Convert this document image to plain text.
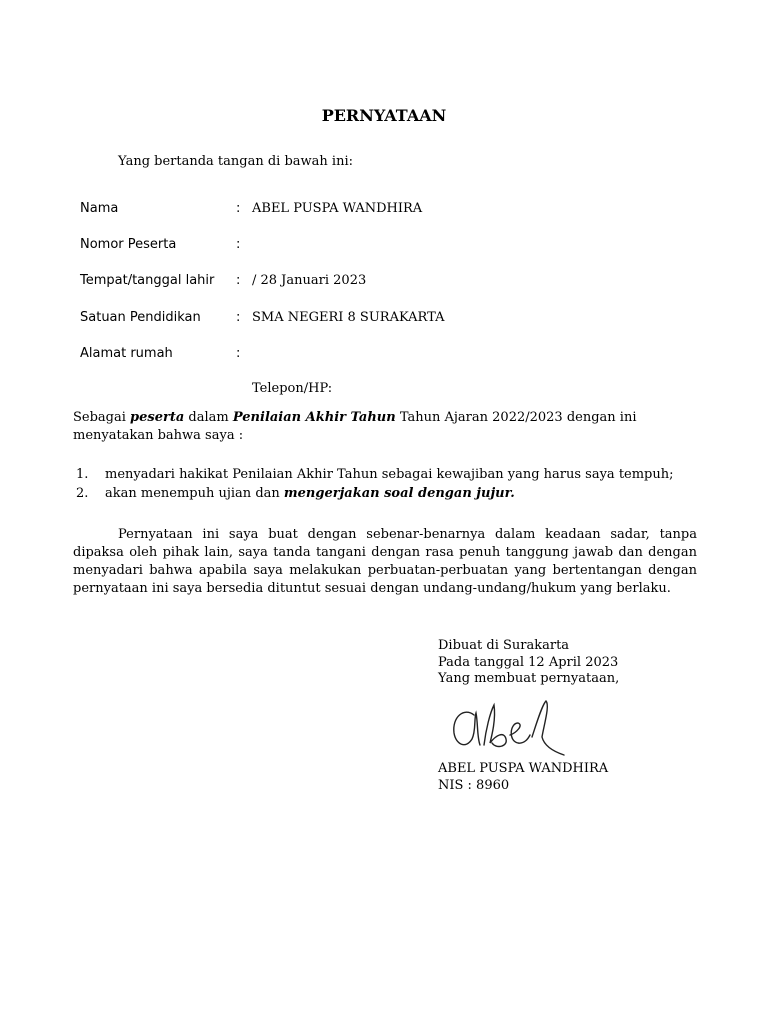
PERNYATAAN
Yang bertanda tangan di bawah ini:
Nama	: ABEL PUSPA WANDHIRA
Nomor Peserta	:
Tempat/tanggal lahir : / 28 Januari 2023
Satuan Pendidikan	: SMA NEGERI 8 SURAKARTA
Alamat rumah	:
Telepon/HP:
Sebagai peserta dalam Penilaian Akhir Tahun Tahun Ajaran 2022/2023 dengan ini menyatakan bahwa saya :
1. menyadari hakikat Penilaian Akhir Tahun sebagai kewajiban yang harus saya tempuh;
2. akan menempuh ujian dan mengerjakan soal dengan jujur.
Pernyataan ini saya buat dengan sebenar-benarnya dalam keadaan sadar, tanpa dipaksa oleh pihak lain, saya tanda tangani dengan rasa penuh tanggung jawab dan dengan menyadari bahwa apabila saya melakukan perbuatan-perbuatan yang bertentangan dengan pernyataan ini saya bersedia dituntut sesuai dengan undang-undang/hukum yang berlaku.
Dibuat di Surakarta
Pada tanggal 12 April 2023
Yang membuat pernyataan,
ABEL PUSPA WANDHIRA
NIS : 8960
